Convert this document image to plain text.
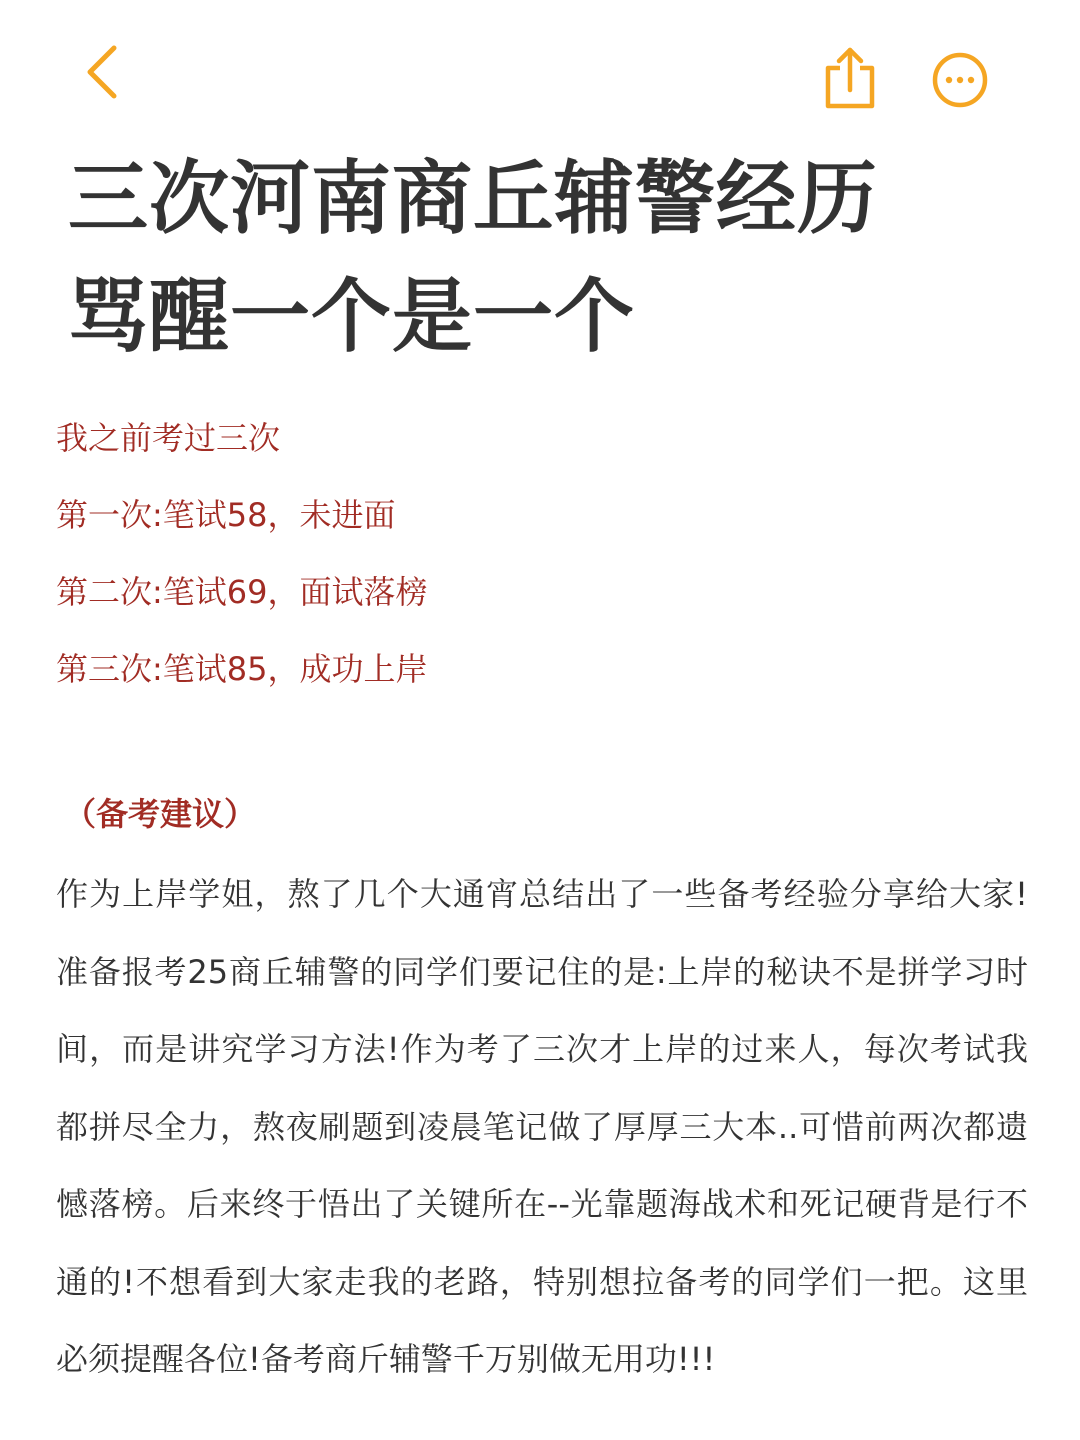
三次河南商丘辅警经历
骂醒一个是一个
我之前考过三次
第一次:笔试58，未进面
第二次:笔试69，面试落榜
第三次:笔试85，成功上岸
（备考建议）

作为上岸学姐，熬了几个大通宵总结出了一些备考经验分享给大家!准备报考25商丘辅警的同学们要记住的是:上岸的秘诀不是拼学习时间，而是讲究学习方法!作为考了三次才上岸的过来人，每次考试我都拼尽全力，熬夜刷题到凌晨笔记做了厚厚三大本..可惜前两次都遗憾落榜。后来终于悟出了关键所在--光靠题海战术和死记硬背是行不通的!不想看到大家走我的老路，特别想拉备考的同学们一把。这里必须提醒各位!备考商斤辅警千万别做无用功!!!
